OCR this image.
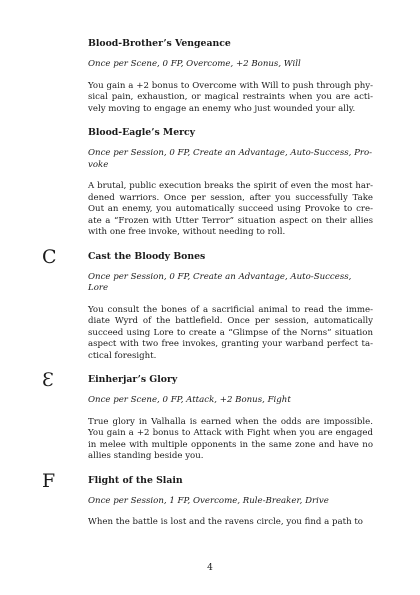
Blood-Brother’s Vengeance
Once per Scene, 0 FP, Overcome, +2 Bonus, Will
You gain a +2 bonus to Overcome with Will to push through physical pain, exhaustion, or magical restraints when you are actively moving to engage an enemy who just wounded your ally.
Blood-Eagle’s Mercy
Once per Session, 0 FP, Create an Advantage, Auto-Success, Provoke
A brutal, public execution breaks the spirit of even the most hardened warriors. Once per session, after you successfully Take Out an enemy, you automatically succeed using Provoke to create a “Frozen with Utter Terror” situation aspect on their allies with one free invoke, without needing to roll.
C	Cast the Bloody Bones
Once per Session, 0 FP, Create an Advantage, Auto-Success, Lore
You consult the bones of a sacrificial animal to read the immediate Wyrd of the battlefield. Once per session, automatically succeed using Lore to create a “Glimpse of the Norns” situation aspect with two free invokes, granting your warband perfect tactical foresight.
Ɛ	Einherjar’s Glory
Once per Scene, 0 FP, Attack, +2 Bonus, Fight
True glory in Valhalla is earned when the odds are impossible. You gain a +2 bonus to Attack with Fight when you are engaged in melee with multiple opponents in the same zone and have no allies standing beside you.
F	Flight of the Slain
Once per Session, 1 FP, Overcome, Rule-Breaker, Drive
When the battle is lost and the ravens circle, you find a path to
4
